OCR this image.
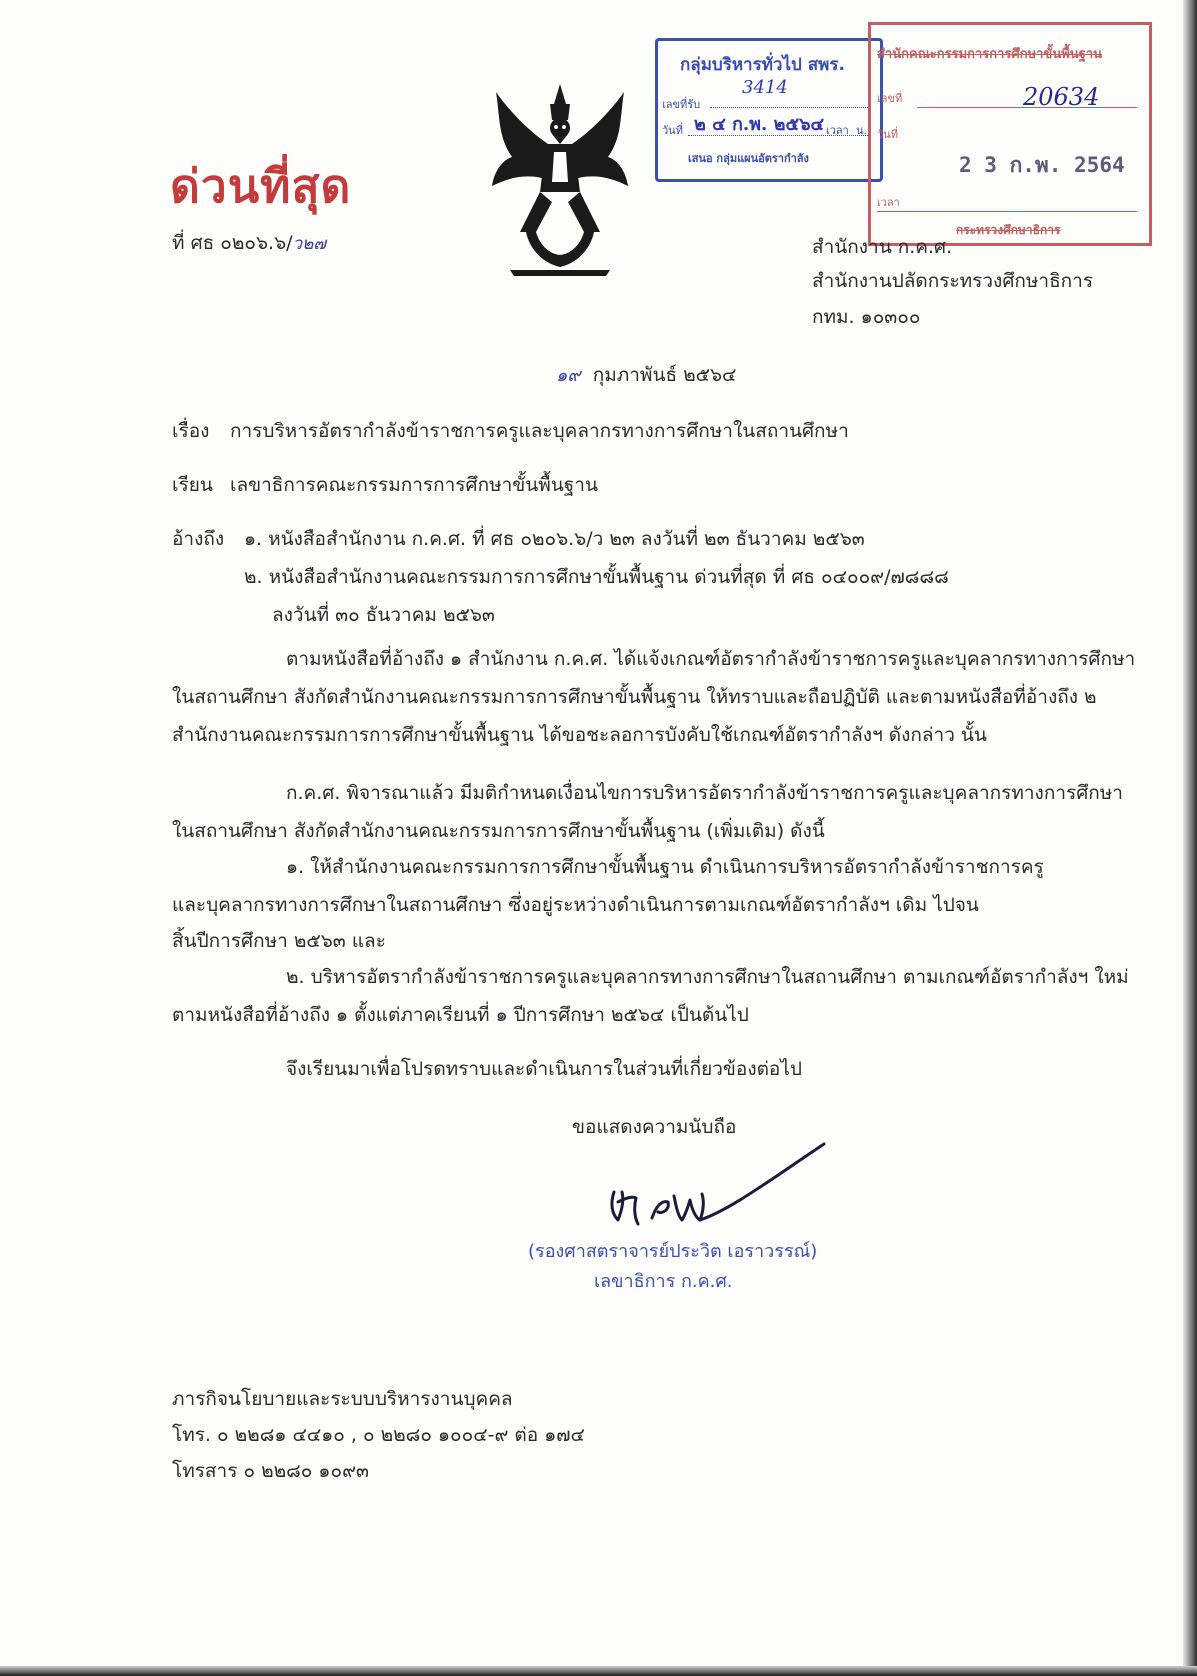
ด่วนที่สุด
ที่ ศธ ๐๒๐๖.๖/ว๒๗
กลุ่มบริหารทั่วไป สพร.
เลขที่รับ
3414
วันที่ ๒ ๔ ก.พ. ๒๕๖๔ เวลา น.
เสนอ กลุ่มแผนอัตรากำลัง
สำนักคณะกรรมการการศึกษาขั้นพื้นฐาน
เลขที่	20634
วันที่
2 3 ก.พ. 2564
เวลา
กระทรวงศึกษาธิการ
สำนักงาน ก.ค.ศ.
สำนักงานปลัดกระทรวงศึกษาธิการ
กทม. ๑๐๓๐๐
๑๙ กุมภาพันธ์ ๒๕๖๔
เรื่อง การบริหารอัตรากำลังข้าราชการครูและบุคลากรทางการศึกษาในสถานศึกษา
เรียน เลขาธิการคณะกรรมการการศึกษาขั้นพื้นฐาน
อ้างถึง ๑. หนังสือสำนักงาน ก.ค.ศ. ที่ ศธ ๐๒๐๖.๖/ว ๒๓ ลงวันที่ ๒๓ ธันวาคม ๒๕๖๓
๒. หนังสือสำนักงานคณะกรรมการการศึกษาขั้นพื้นฐาน ด่วนที่สุด ที่ ศธ ๐๔๐๐๙/๗๘๘๘
ลงวันที่ ๓๐ ธันวาคม ๒๕๖๓
ตามหนังสือที่อ้างถึง ๑ สำนักงาน ก.ค.ศ. ได้แจ้งเกณฑ์อัตรากำลังข้าราชการครูและบุคลากรทางการศึกษา
ในสถานศึกษา สังกัดสำนักงานคณะกรรมการการศึกษาขั้นพื้นฐาน ให้ทราบและถือปฏิบัติ และตามหนังสือที่อ้างถึง ๒
สำนักงานคณะกรรมการการศึกษาขั้นพื้นฐาน ได้ขอชะลอการบังคับใช้เกณฑ์อัตรากำลังฯ ดังกล่าว นั้น
ก.ค.ศ. พิจารณาแล้ว มีมติกำหนดเงื่อนไขการบริหารอัตรากำลังข้าราชการครูและบุคลากรทางการศึกษา
ในสถานศึกษา สังกัดสำนักงานคณะกรรมการการศึกษาขั้นพื้นฐาน (เพิ่มเติม) ดังนี้
๑. ให้สำนักงานคณะกรรมการการศึกษาขั้นพื้นฐาน ดำเนินการบริหารอัตรากำลังข้าราชการครู
และบุคลากรทางการศึกษาในสถานศึกษา ซึ่งอยู่ระหว่างดำเนินการตามเกณฑ์อัตรากำลังฯ เดิม ไปจน
สิ้นปีการศึกษา ๒๕๖๓ และ
๒. บริหารอัตรากำลังข้าราชการครูและบุคลากรทางการศึกษาในสถานศึกษา ตามเกณฑ์อัตรากำลังฯ ใหม่
ตามหนังสือที่อ้างถึง ๑ ตั้งแต่ภาคเรียนที่ ๑ ปีการศึกษา ๒๕๖๔ เป็นต้นไป
จึงเรียนมาเพื่อโปรดทราบและดำเนินการในส่วนที่เกี่ยวข้องต่อไป
ขอแสดงความนับถือ
(รองศาสตราจารย์ประวิต เอราวรรณ์)
เลขาธิการ ก.ค.ศ.
ภารกิจนโยบายและระบบบริหารงานบุคคล
โทร. ๐ ๒๒๘๑ ๔๔๑๐ , ๐ ๒๒๘๐ ๑๐๐๔-๙ ต่อ ๑๗๔
โทรสาร ๐ ๒๒๘๐ ๑๐๙๓
